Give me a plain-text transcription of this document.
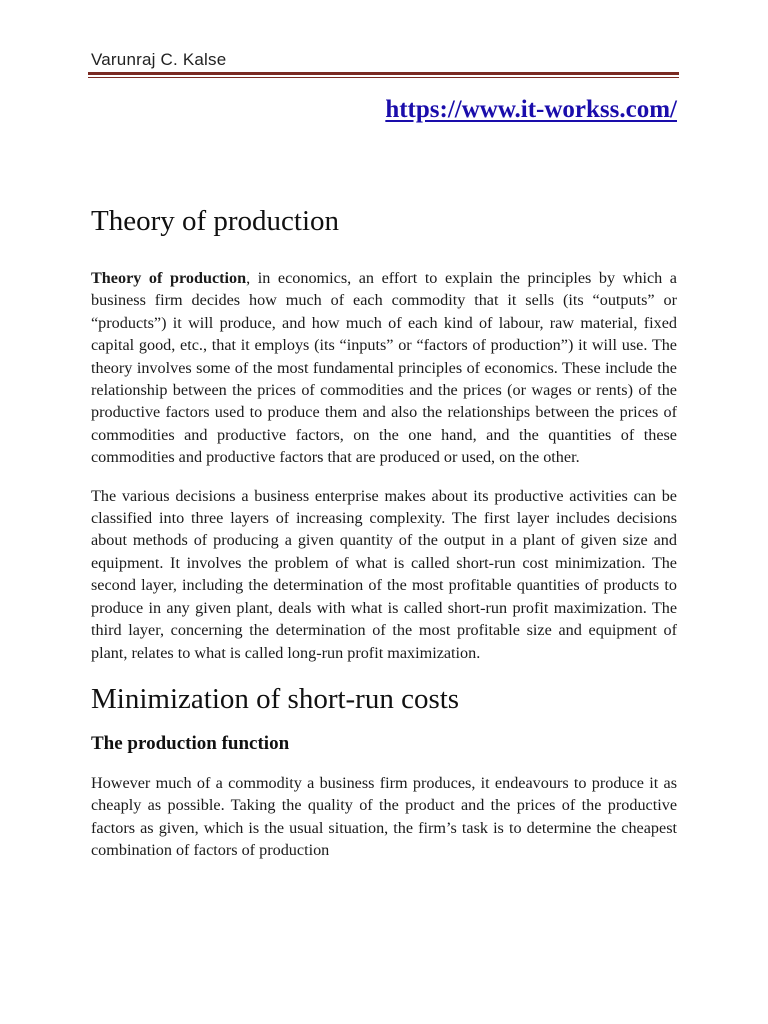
Varunraj C. Kalse
https://www.it-workss.com/
Theory of production

Theory of production, in economics, an effort to explain the principles by which a business firm decides how much of each commodity that it sells (its “outputs” or “products”) it will produce, and how much of each kind of labour, raw material, fixed capital good, etc., that it employs (its “inputs” or “factors of production”) it will use. The theory involves some of the most fundamental principles of economics. These include the relationship between the prices of commodities and the prices (or wages or rents) of the productive factors used to produce them and also the relationships between the prices of commodities and productive factors, on the one hand, and the quantities of these commodities and productive factors that are produced or used, on the other.

The various decisions a business enterprise makes about its productive activities can be classified into three layers of increasing complexity. The first layer includes decisions about methods of producing a given quantity of the output in a plant of given size and equipment. It involves the problem of what is called short-run cost minimization. The second layer, including the determination of the most profitable quantities of products to produce in any given plant, deals with what is called short-run profit maximization. The third layer, concerning the determination of the most profitable size and equipment of plant, relates to what is called long-run profit maximization.

Minimization of short-run costs
The production function

However much of a commodity a business firm produces, it endeavours to produce it as cheaply as possible. Taking the quality of the product and the prices of the productive factors as given, which is the usual situation, the firm’s task is to determine the cheapest combination of factors of production
